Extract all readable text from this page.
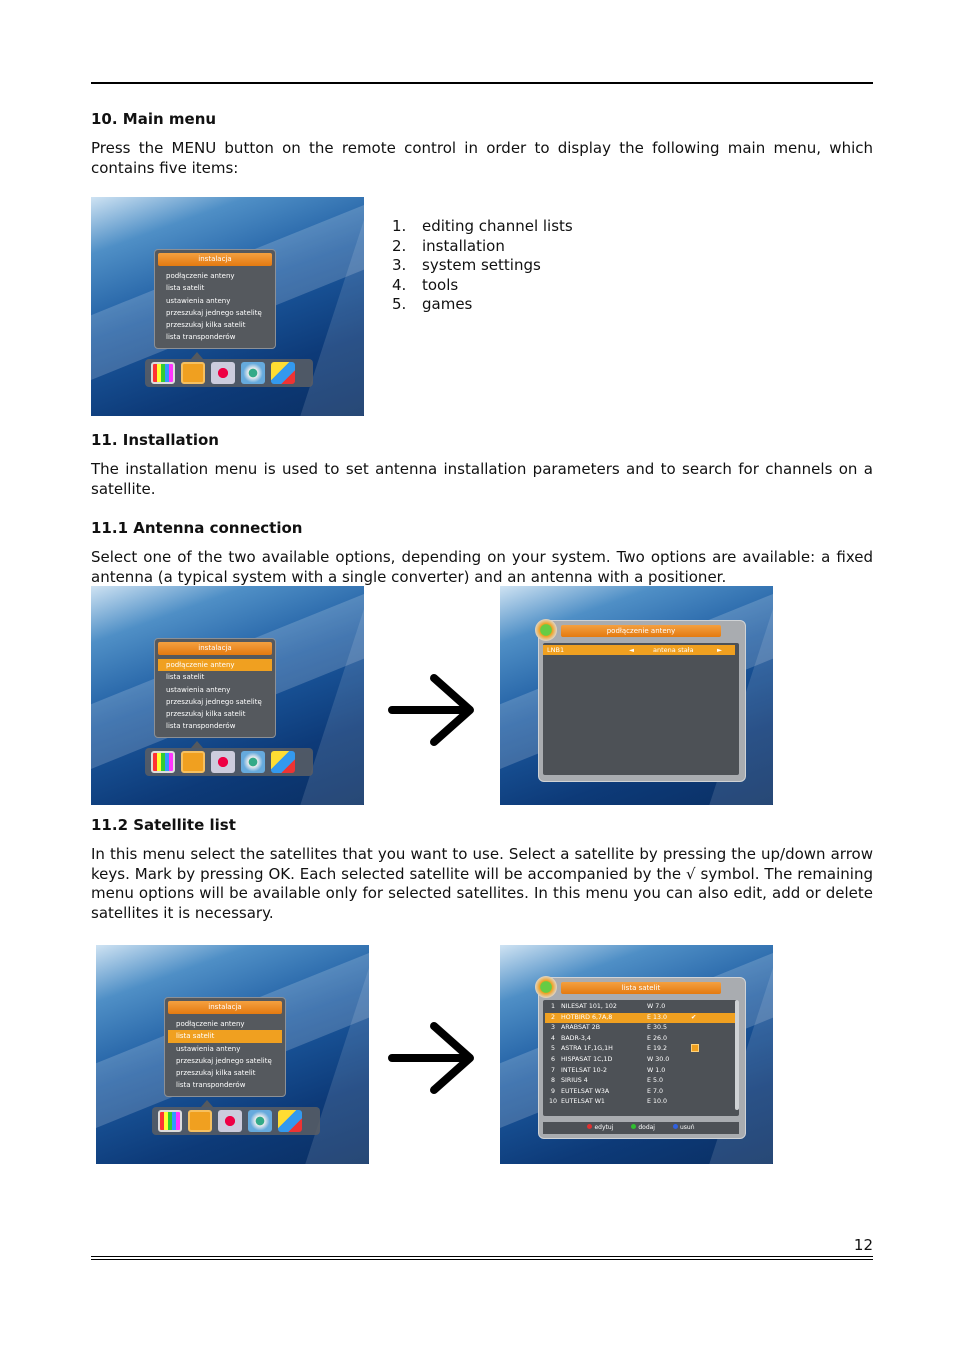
10. Main menu

Press the MENU button on the remote control in order to display the following main menu, which contains five items:

instalacja
podłączenie anteny
lista satelit
ustawienia anteny
przeszukaj jednego satelitę
przeszukaj kilka satelit
lista transponderów
1.	editing channel lists
2.	installation
3.	system settings
4.	tools
5.	games
11. Installation

The installation menu is used to set antenna installation parameters and to search for channels on a satellite.

11.1 Antenna connection

Select one of the two available options, depending on your system. Two options are available: a fixed antenna (a typical system with a single converter) and an antenna with a positioner.

instalacja
podłączenie anteny
lista satelit
ustawienia anteny
przeszukaj jednego satelitę
przeszukaj kilka satelit
lista transponderów
podłączenie anteny
LNB1	◄	antena stała	►
11.2 Satellite list

In this menu select the satellites that you want to use. Select a satellite by pressing the up/down arrow keys. Mark by pressing OK. Each selected satellite will be accompanied by the √ symbol. The remaining menu options will be available only for selected satellites. In this menu you can also edit, add or delete satellites it is necessary.

instalacja
podłączenie anteny
lista satelit
ustawienia anteny
przeszukaj jednego satelitę
przeszukaj kilka satelit
lista transponderów
lista satelit
1 NILESAT 101, 102	W 7.0
2 HOTBIRD 6,7A,8	E 13.0	✔
3 ARABSAT 2B	E 30.5
4 BADR-3,4	E 26.0
5 ASTRA 1F,1G,1H	E 19.2
6 HISPASAT 1C,1D	W 30.0
7 INTELSAT 10-2	W 1.0
8 SIRIUS 4	E 5.0
9 EUTELSAT W3A	E 7.0
10 EUTELSAT W1	E 10.0
edytuj	dodaj	usuń
12
